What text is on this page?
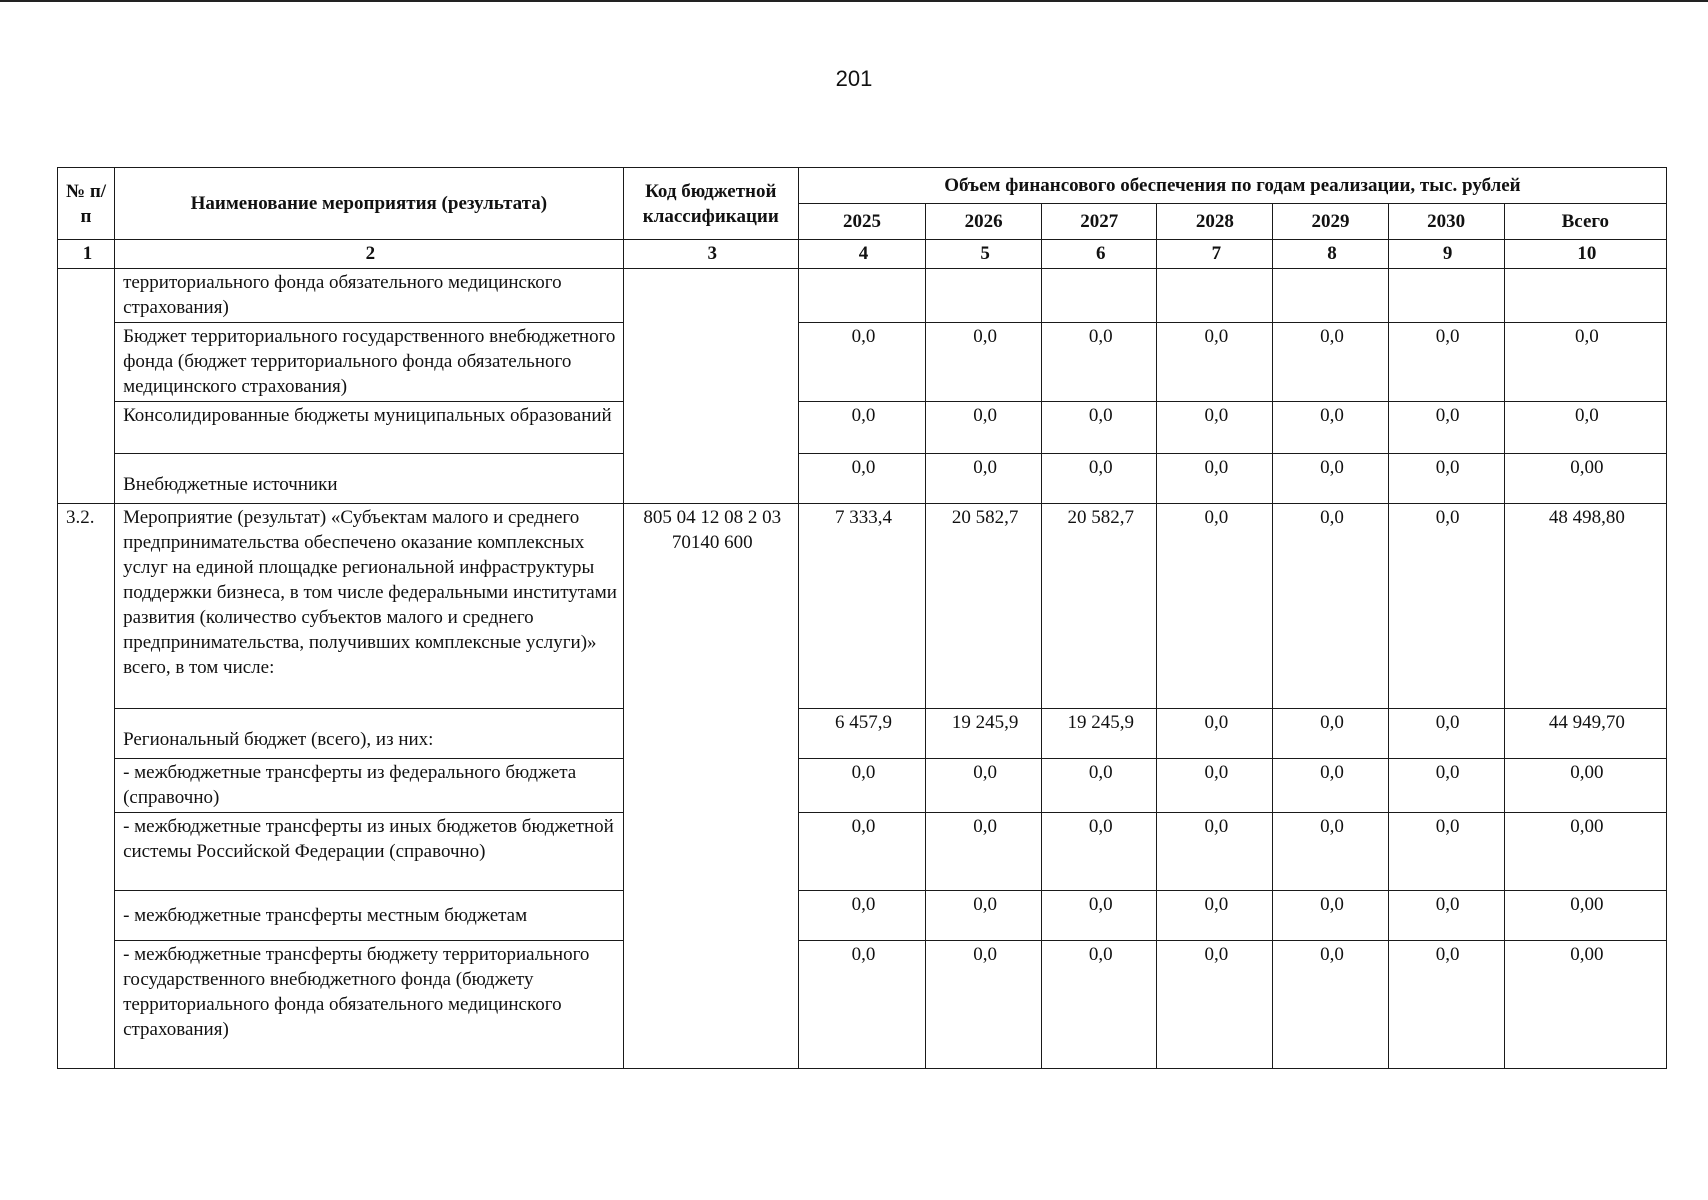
201
№ п/п	Наименование мероприятия (результата)	Код бюджетной классификации	Объем финансового обеспечения по годам реализации, тыс. рублей						
			2025	2026	2027	2028	2029	2030	Всего
1	2	3	4	5	6	7	8	9	10
	территориального фонда обязательного медицинского страхования)								
	Бюджет территориального государственного внебюджетного фонда (бюджет территориального фонда обязательного медицинского страхования)		0,0	0,0	0,0	0,0	0,0	0,0	0,0
	Консолидированные бюджеты муниципальных образований		0,0	0,0	0,0	0,0	0,0	0,0	0,0
	Внебюджетные источники		0,0	0,0	0,0	0,0	0,0	0,0	0,00
3.2.	Мероприятие (результат) «Субъектам малого и среднего предпринимательства обеспечено оказание комплексных услуг на единой площадке региональной инфраструктуры поддержки бизнеса, в том числе федеральными институтами развития (количество субъектов малого и среднего предпринимательства, получивших комплексные услуги)» всего, в том числе:	805 04 12 08 2 03 70140 600	7 333,4	20 582,7	20 582,7	0,0	0,0	0,0	48 498,80
	Региональный бюджет (всего), из них:		6 457,9	19 245,9	19 245,9	0,0	0,0	0,0	44 949,70
	- межбюджетные трансферты из федерального бюджета (справочно)		0,0	0,0	0,0	0,0	0,0	0,0	0,00
	- межбюджетные трансферты из иных бюджетов бюджетной системы Российской Федерации (справочно)		0,0	0,0	0,0	0,0	0,0	0,0	0,00
	- межбюджетные трансферты местным бюджетам		0,0	0,0	0,0	0,0	0,0	0,0	0,00
	- межбюджетные трансферты бюджету территориального государственного внебюджетного фонда (бюджету территориального фонда обязательного медицинского страхования)		0,0	0,0	0,0	0,0	0,0	0,0	0,00
